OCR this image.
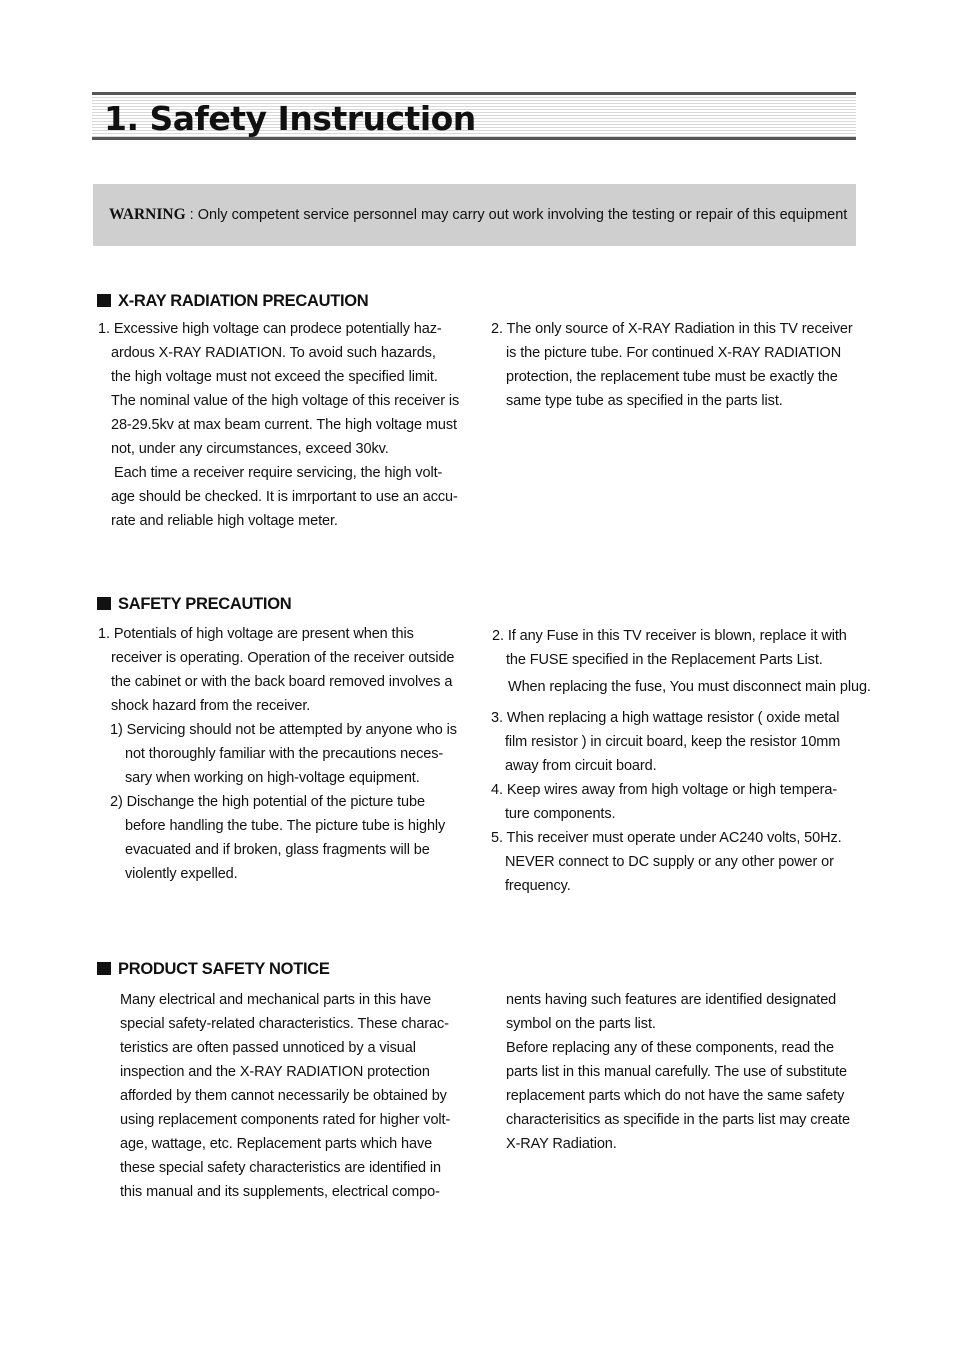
1. Safety Instruction
WARNING : Only competent service personnel may carry out work involving the testing or repair of this equipment
X-RAY RADIATION PRECAUTION
1. Excessive high voltage can prodece potentially haz-
ardous X-RAY RADIATION. To avoid such hazards,
the high voltage must not exceed the specified limit.
The nominal value of the high voltage of this receiver is
28-29.5kv at max beam current. The high voltage must
not, under any circumstances, exceed 30kv.
Each time a receiver require servicing, the high volt-
age should be checked. It is imrportant to use an accu-
rate and reliable high voltage meter.
2. The only source of X-RAY Radiation in this TV receiver
is the picture tube. For continued X-RAY RADIATION
protection, the replacement tube must be exactly the
same type tube as specified in the parts list.
SAFETY PRECAUTION
1. Potentials of high voltage are present when this
receiver is operating. Operation of the receiver outside
the cabinet or with the back board removed involves a
shock hazard from the receiver.
1) Servicing should not be attempted by anyone who is
not thoroughly familiar with the precautions neces-
sary when working on high-voltage equipment.
2) Dischange the high potential of the picture tube
before handling the tube. The picture tube is highly
evacuated and if broken, glass fragments will be
violently expelled.
2. If any Fuse in this TV receiver is blown, replace it with
the FUSE specified in the Replacement Parts List.
When replacing the fuse, You must disconnect main plug.
3. When replacing a high wattage resistor ( oxide metal
film resistor ) in circuit board, keep the resistor 10mm
away from circuit board.
4. Keep wires away from high voltage or high tempera-
ture components.
5. This receiver must operate under AC240 volts, 50Hz.
NEVER connect to DC supply or any other power or
frequency.
PRODUCT SAFETY NOTICE
Many electrical and mechanical parts in this have
special safety-related characteristics. These charac-
teristics are often passed unnoticed by a visual
inspection and the X-RAY RADIATION protection
afforded by them cannot necessarily be obtained by
using replacement components rated for higher volt-
age, wattage, etc. Replacement parts which have
these special safety characteristics are identified in
this manual and its supplements, electrical compo-
nents having such features are identified designated
symbol on the parts list.
Before replacing any of these components, read the
parts list in this manual carefully. The use of substitute
replacement parts which do not have the same safety
characterisitics as specifide in the parts list may create
X-RAY Radiation.
